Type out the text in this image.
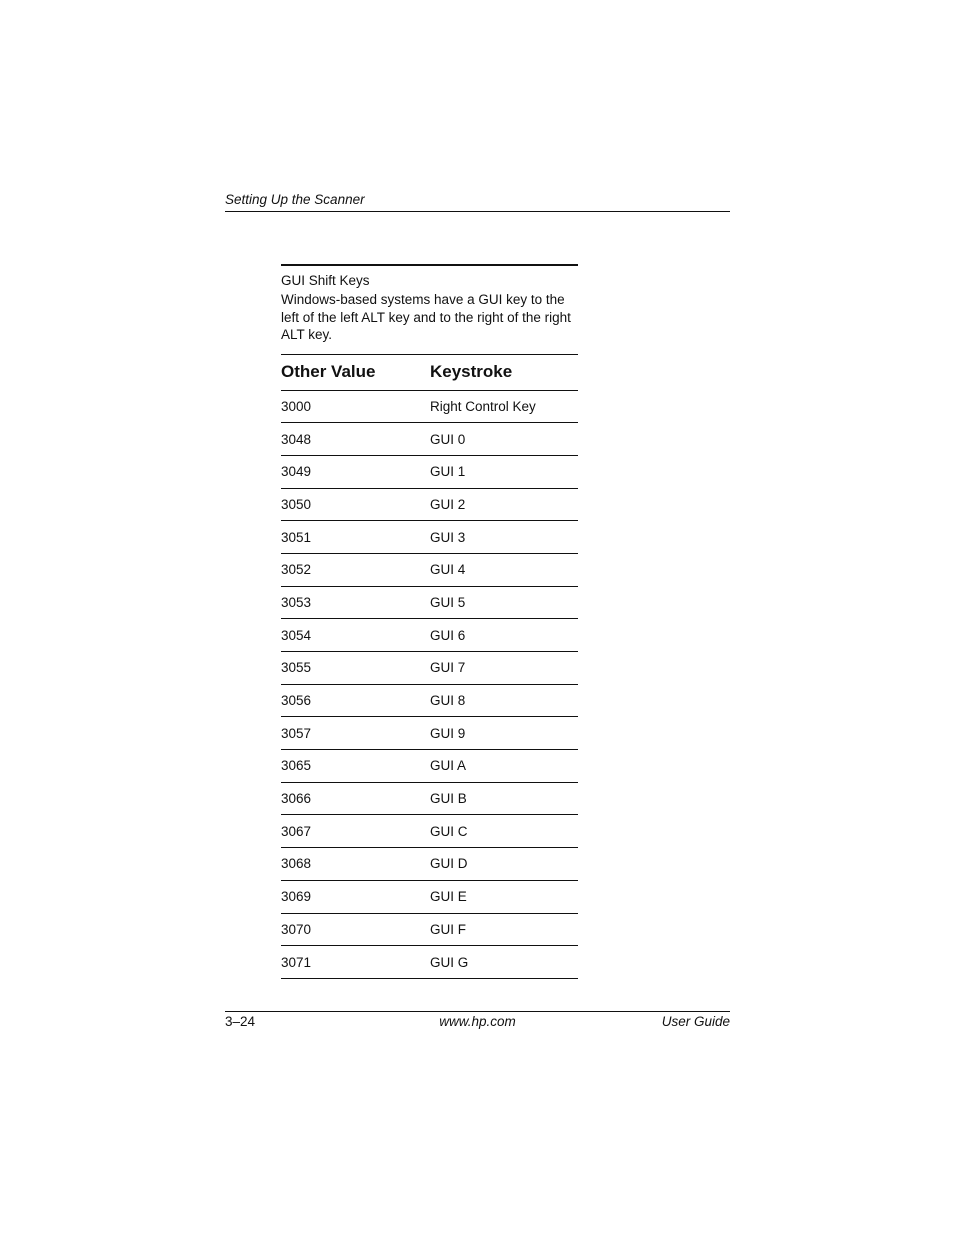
Setting Up the Scanner
GUI Shift Keys
Windows-based systems have a GUI key to the left of the left ALT key and to the right of the right ALT key.
Other Value	Keystroke
3000	Right Control Key
3048	GUI 0
3049	GUI 1
3050	GUI 2
3051	GUI 3
3052	GUI 4
3053	GUI 5
3054	GUI 6
3055	GUI 7
3056	GUI 8
3057	GUI 9
3065	GUI A
3066	GUI B
3067	GUI C
3068	GUI D
3069	GUI E
3070	GUI F
3071	GUI G
3–24	www.hp.com	User Guide
